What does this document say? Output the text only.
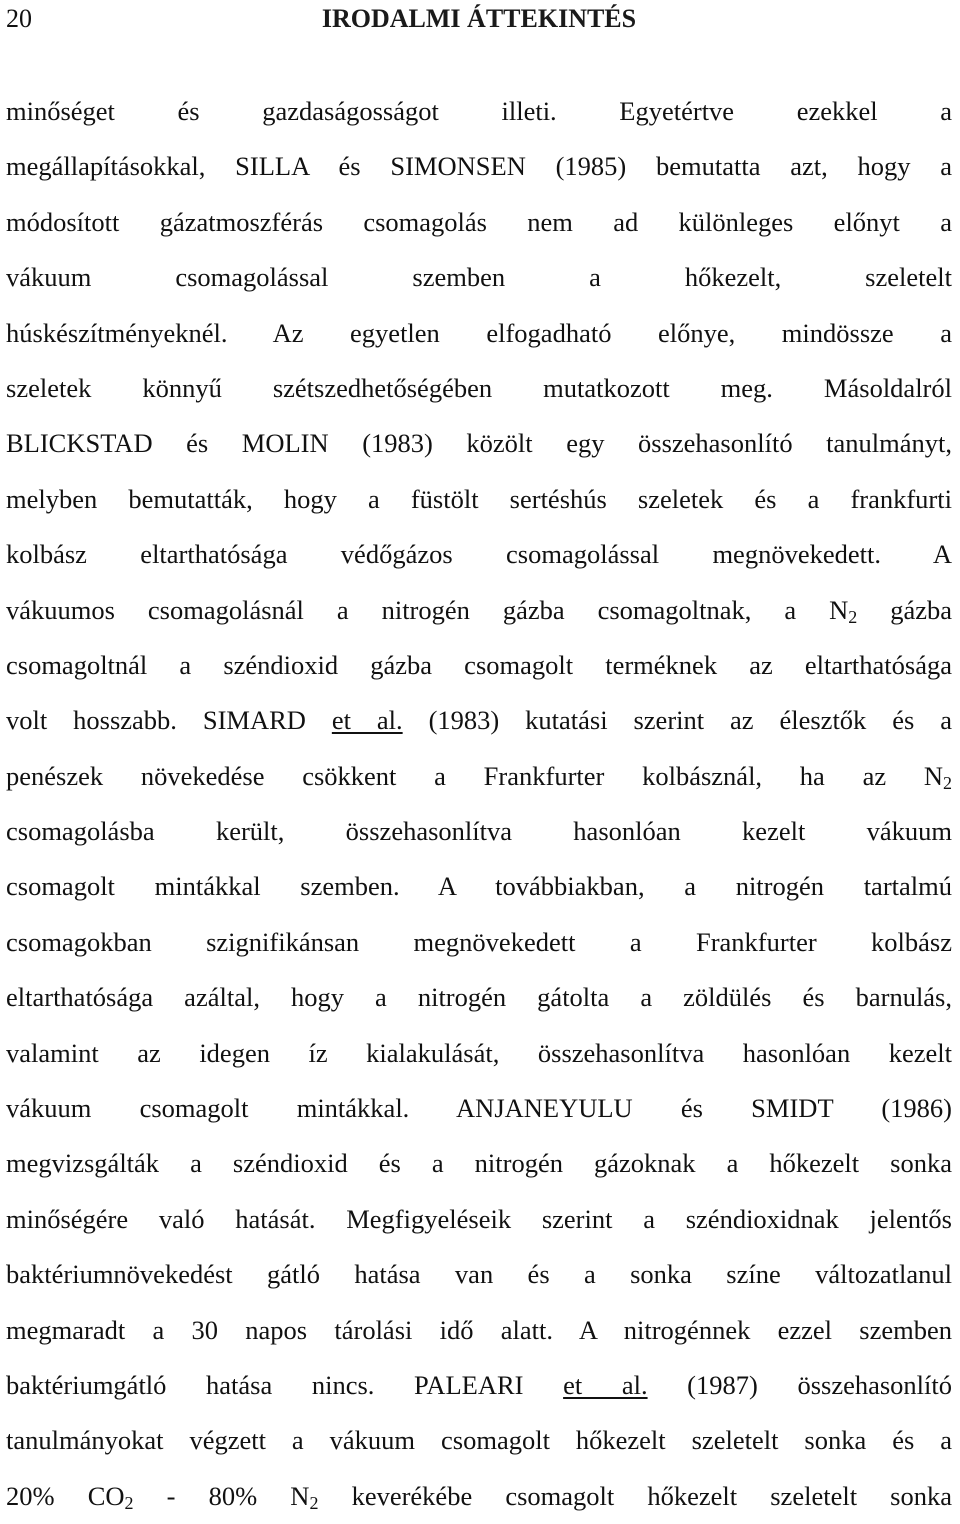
20	IRODALMI ÁTTEKINTÉS
minőséget és gazdaságosságot illeti. Egyetértve ezekkel a
megállapításokkal, SILLA és SIMONSEN (1985) bemutatta azt, hogy a
módosított gázatmoszférás csomagolás nem ad különleges előnyt a
vákuum csomagolással szemben a hőkezelt, szeletelt
húskészítményeknél. Az egyetlen elfogadható előnye, mindössze a
szeletek könnyű szétszedhetőségében mutatkozott meg. Másoldalról
BLICKSTAD és MOLIN (1983) közölt egy összehasonlító tanulmányt,
melyben bemutatták, hogy a füstölt sertéshús szeletek és a frankfurti
kolbász eltarthatósága védőgázos csomagolással megnövekedett. A
vákuumos csomagolásnál a nitrogén gázba csomagoltnak, a $N_2$ gázba
csomagoltnál a széndioxid gázba csomagolt terméknek az eltarthatósága
volt hosszabb. SIMARD et al. (1983) kutatási szerint az élesztők és a
penészek növekedése csökkent a Frankfurter kolbásznál, ha az $N_2$
csomagolásba került, összehasonlítva hasonlóan kezelt vákuum
csomagolt mintákkal szemben. A továbbiakban, a nitrogén tartalmú
csomagokban szignifikánsan megnövekedett a Frankfurter kolbász
eltarthatósága azáltal, hogy a nitrogén gátolta a zöldülés és barnulás,
valamint az idegen íz kialakulását, összehasonlítva hasonlóan kezelt
vákuum csomagolt mintákkal. ANJANEYULU és SMIDT (1986)
megvizsgálták a széndioxid és a nitrogén gázoknak a hőkezelt sonka
minőségére való hatását. Megfigyeléseik szerint a széndioxidnak jelentős
baktériumnövekedést gátló hatása van és a sonka színe változatlanul
megmaradt a 30 napos tárolási idő alatt. A nitrogénnek ezzel szemben
baktériumgátló hatása nincs. PALEARI et al. (1987) összehasonlító
tanulmányokat végzett a vákuum csomagolt hőkezelt szeletelt sonka és a
20% $CO_2 - 80\%$ $N_2$ keverékébe csomagolt hőkezelt szeletelt sonka
